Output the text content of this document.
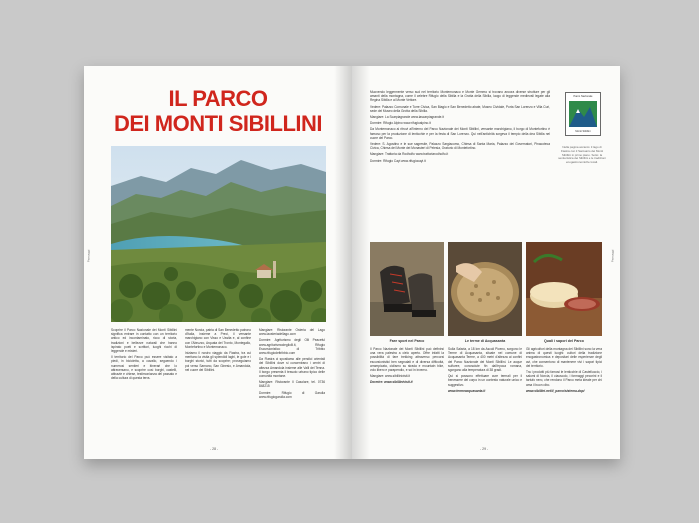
IL PARCO
DEI MONTI SIBILLINI

Scoprire il Parco Nazionale dei Monti Sibillini significa entrare in contatto con un territorio antico ed incontaminato, ricco di storia, tradizioni e bellezze naturali che hanno ispirato poeti e scrittori, luoghi ricchi di leggende e misteri.

Il territorio del Parco può essere visitato a piedi, in bicicletta, a cavallo, seguendo i numerosi sentieri e itinerari che lo attraversano, e scoprire così borghi, castelli, abbazie e chiese, testimonianza del passato e della cultura di questa terra.

mente Norcia, patria di San Benedetto patrono d'Italia, insieme a Preci, il versante marchigiano con Visso e Ussita e, al confine con l'Abruzzo, Arquata del Tronto, Montegallo, Montefortino e Montemonaco.

Iniziamo il nostro viaggio da Fiastra, tra cui meritano la visita gli splendidi laghi, le gole e i borghi storici, tutti da scoprire; proseguiamo poi verso Sarnano, San Ginesio, e Amandola, nel cuore dei Sibillini.

Mangiare: Ristorante Osteria del Lago www.laosteriadellago.com

Dormire: Agriturismo degli Olli Peaceful www.agriturismodegliolli.it, Rifugio Escursionistico di Tribbio www.rifugiodeltribbio.com

Da Fiastra ci spostiamo alle pendici orientali del Sibillini dove si concentrano i centri di altezza Amandola insieme alle Valli del Tenna. Il borgo presenta il tessuto urbano tipico delle comunità montane.

Mangiare: Ristorante Il Casolare, tel. 0736 848215

Dormire: Rifugio di Garulla www.rifugiogarulla.com

Paesaggi
- 28 -

Muovendo leggermente verso sud nel territorio Montemonaco e Monte Gemmo si trovano ancora diverse strutture per gli amanti della montagna, come il celebre Rifugio della Sibilla e la Grotta della Sibilla, luogo di leggende medievali legate alla Regina Sibilla e al Monte Vettore.

Vedere: Palazzo Comunale e Torre Civica, San Biagio e San Benedetto abate, Museo Cividale, Porta San Lorenzo e Villa Curi, sede del Museo della Grotta della Sibilla.

Mangiare: La Scarpiagrande www.lascarpiagrande.it

Dormire: Rifugio Alpino www.rifugioalpino.it

Da Montemonaco ai ritrovi all'interno del Parco Nazionale dei Monti Sibillini, versante marchigiano, il borgo di Montefortino è famoso per la produzione di lenticchie e per la festa di San Lorenzo. Qui nell'antichità sorgeva il tempio della dea Sibilla nel cuore del Parco.

Vedere: S. Agostino e le sue sagrestie, Palazzo Sargiacomo, Chiesa di Santa Maria, Palazzo dei Governatori, Pinacoteca Civica, Chiesa del Monte dei Monasteri di Pelesia, Oratorio di Montefortino.

Mangiare: Trattoria da Rodholfo www.trattoriarodholfo.it

Dormire: Rifugio Cayi www.rifugiocayi.it

Parco Nazionale
Monti Sibillini
Nella pagina accanto: il lago di Fiastra con il Santuario dei Monti Sibillini in primo piano. Sotto: la sentieristica dei Sibillini e le tradizioni enogastronomiche locali.
Fare sport nel Parco	Le terme di Acquasanta	Quali i sapori del Parco

Il Parco Nazionale dei Monti Sibillini può definirsi una vera palestra a cielo aperto. Offre infatti la possibilità di fare trekking attraverso percorsi escursionistici ben segnalati e di diversa difficoltà, arrampicata, ciclismo su strada e mountain bike, volo libero e parapendio, e sci in inverno.

Mangiare: www.sibillinivisit.it

Dormire: www.sibillinivisit.it

Sulla Salaria, a 18 km da Ascoli Piceno, sorgono le Terme di Acquasanta, situate nel comune di Acquasanta Terme, a 400 metri d'altezza ai confini del Parco Nazionale dei Monti Sibillini. Le acque sulfuree, conosciute fin dall'epoca romana, sgorgano alla temperatura di 38 gradi.

Qui si possono effettuare cure termali per il benessere del corpo in un contesto naturale unico e suggestivo.

www.termeacquasanta.it

Gli agricoltori della montagna dei Sibillini sono la vera anima di questi luoghi: cultori della tradizione enogastronomica e depositari delle esperienze degli avi, che consentono di mantenere vivi i sapori tipici del territorio.

Tra i prodotti più famosi le lenticchie di Castelluccio, i salumi di Norcia, il ciauscolo, i formaggi pecorini e il tartufo nero, che rendono il Parco meta ideale per chi ama il buon cibo.

www.sibillini.net/il_parco/sistema-dop/

Paesaggi
- 29 -
